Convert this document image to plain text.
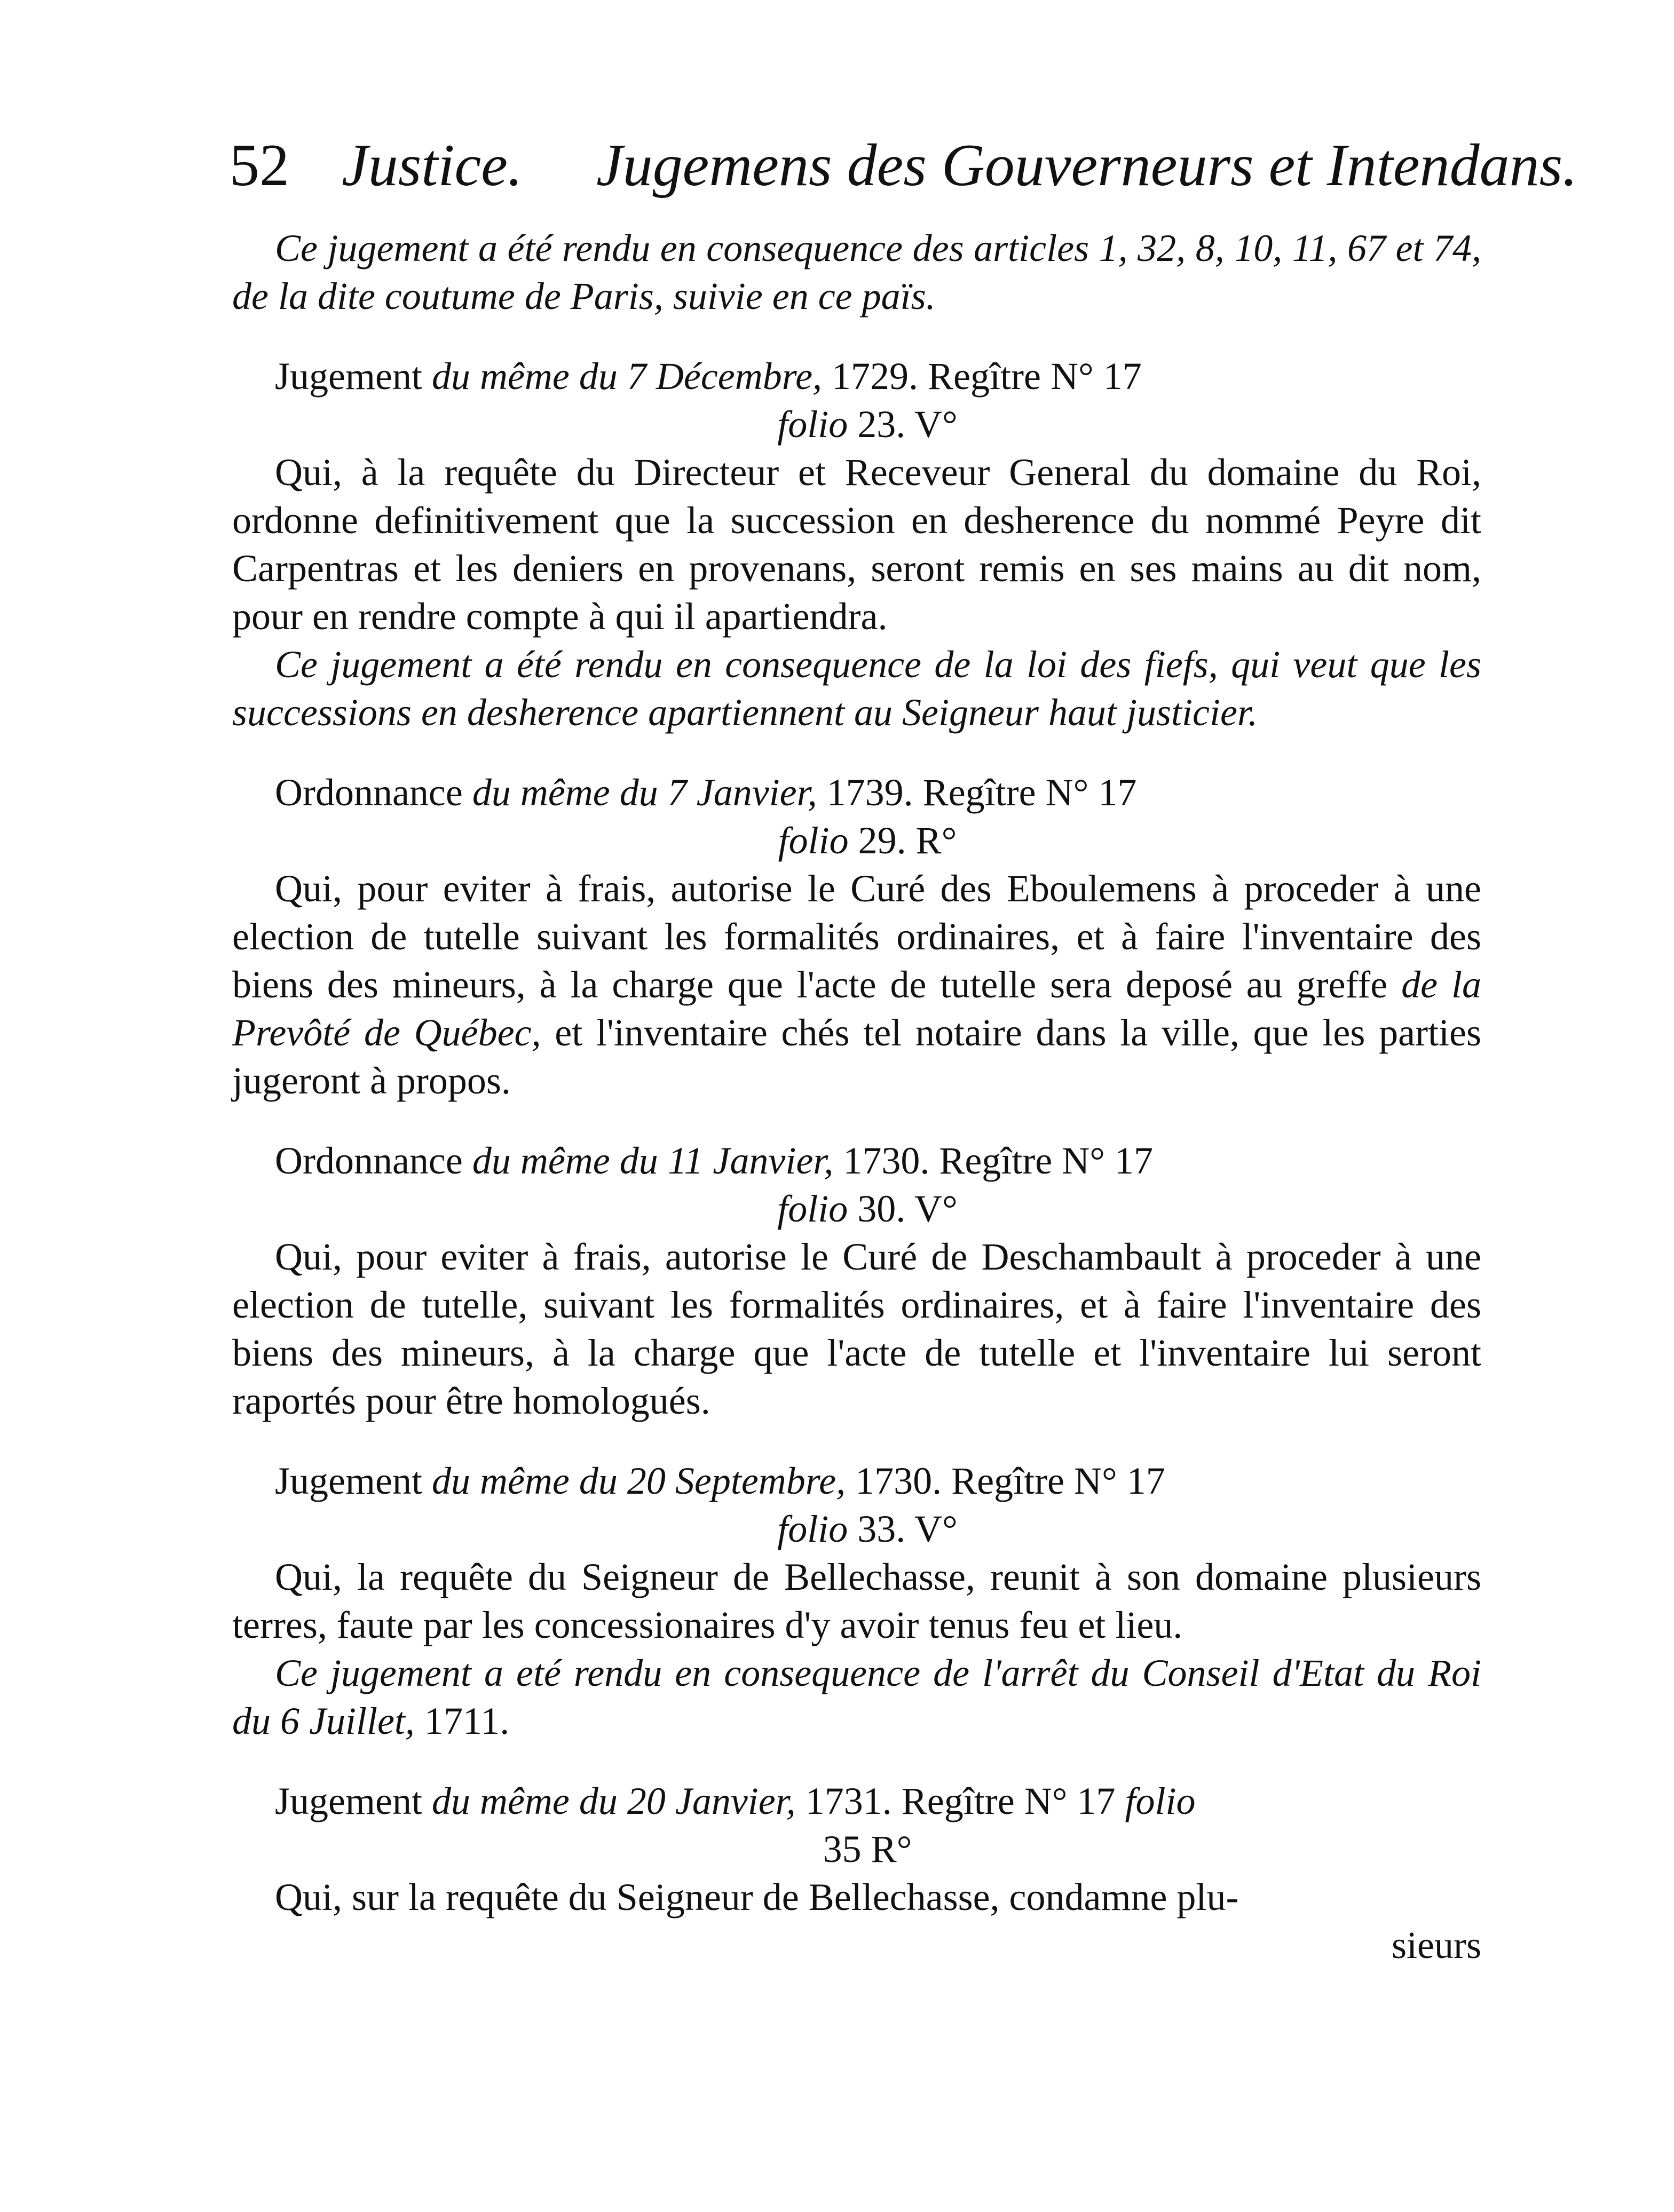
52 Justice. Jugemens des Gouverneurs et Intendans.

Ce jugement a été rendu en consequence des articles 1, 32, 8, 10, 11, 67 et 74, de la dite coutume de Paris, suivie en ce païs.

Jugement du même du 7 Décembre, 1729. Regître N° 17

folio 23. V°

Qui, à la requête du Directeur et Receveur General du domaine du Roi, ordonne definitivement que la succession en desherence du nommé Peyre dit Carpentras et les deniers en provenans, seront remis en ses mains au dit nom, pour en rendre compte à qui il apartiendra.

Ce jugement a été rendu en consequence de la loi des fiefs, qui veut que les successions en desherence apartiennent au Seigneur haut justicier.

Ordonnance du même du 7 Janvier, 1739. Regître N° 17

folio 29. R°

Qui, pour eviter à frais, autorise le Curé des Eboulemens à proceder à une election de tutelle suivant les formalités ordinaires, et à faire l'inventaire des biens des mineurs, à la charge que l'acte de tutelle sera deposé au greffe de la Prevôté de Québec, et l'inventaire chés tel notaire dans la ville, que les parties jugeront à propos.

Ordonnance du même du 11 Janvier, 1730. Regître N° 17

folio 30. V°

Qui, pour eviter à frais, autorise le Curé de Deschambault à proceder à une election de tutelle, suivant les formalités ordinaires, et à faire l'inventaire des biens des mineurs, à la charge que l'acte de tutelle et l'inventaire lui seront raportés pour être homologués.

Jugement du même du 20 Septembre, 1730. Regître N° 17

folio 33. V°

Qui, la requête du Seigneur de Bellechasse, reunit à son domaine plusieurs terres, faute par les concessionaires d'y avoir tenus feu et lieu.

Ce jugement a eté rendu en consequence de l'arrêt du Conseil d'Etat du Roi du 6 Juillet, 1711.

Jugement du même du 20 Janvier, 1731. Regître N° 17 folio

35 R°

Qui, sur la requête du Seigneur de Bellechasse, condamne plu-

sieurs
